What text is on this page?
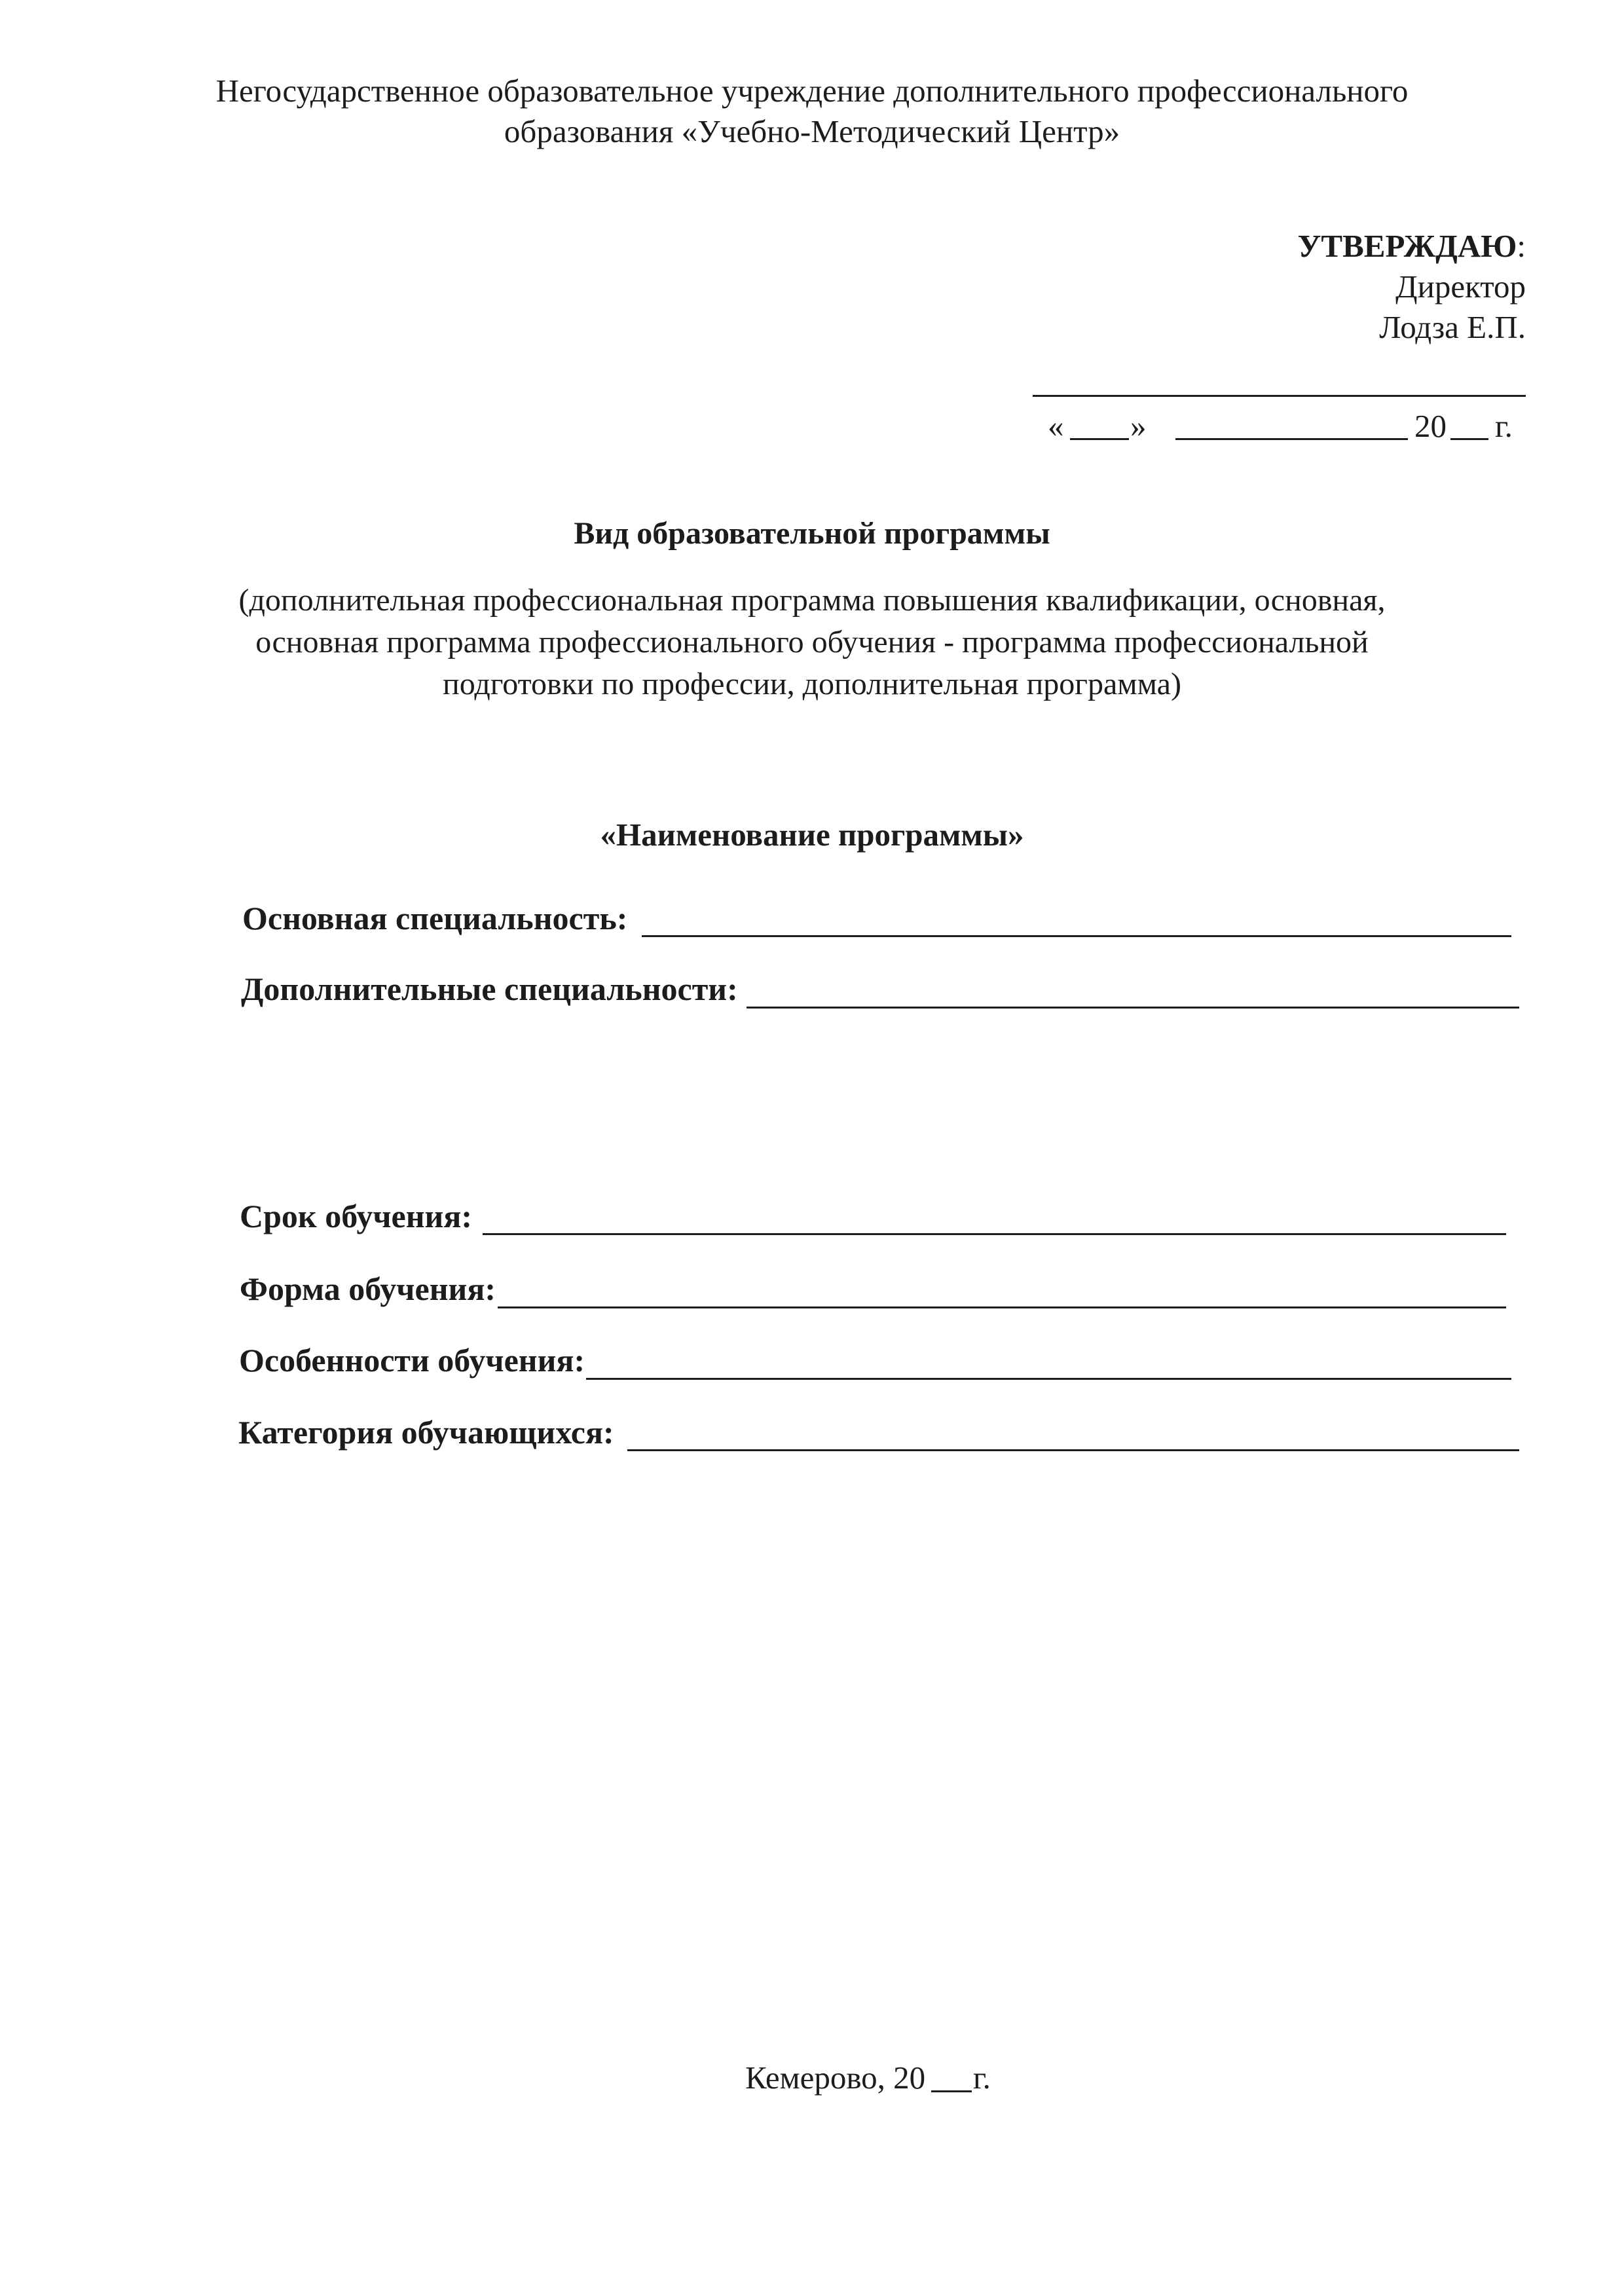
Негосударственное образовательное учреждение дополнительного профессионального
образования «Учебно-Методический Центр»
УТВЕРЖДАЮ:
Директор
Лодза Е.П.
« »	20 г.
Вид образовательной программы
(дополнительная профессиональная программа повышения квалификации, основная,
основная программа профессионального обучения - программа профессиональной
подготовки по профессии, дополнительная программа)
«Наименование программы»
Основная специальность:
Дополнительные специальности:
Срок обучения:
Форма обучения:
Особенности обучения:
Категория обучающихся:
Кемерово, 20 г.
